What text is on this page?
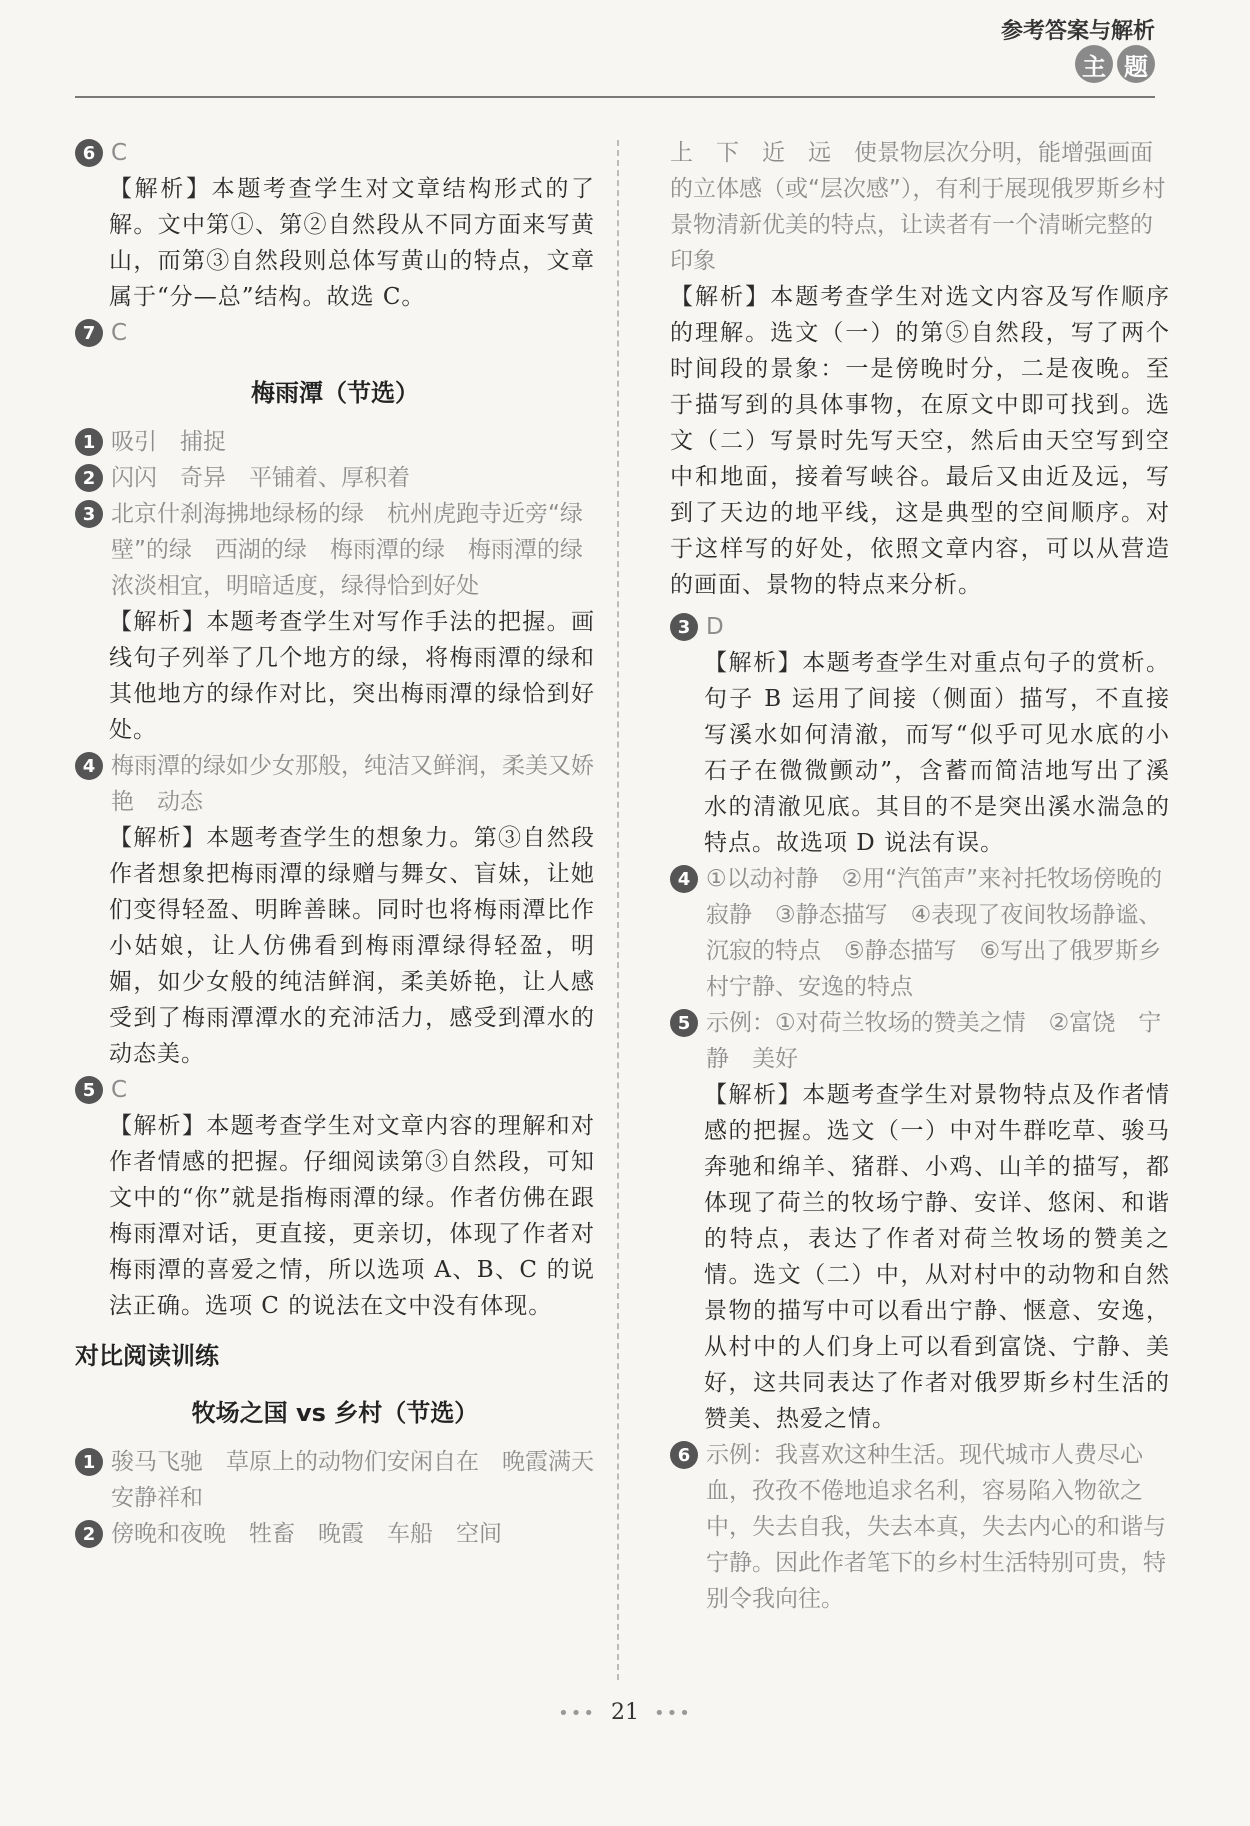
参考答案与解析
主 题
6 C
【解析】本题考查学生对文章结构形式的了解。文中第①、第②自然段从不同方面来写黄山，而第③自然段则总体写黄山的特点，文章属于“分—总”结构。故选 C。
7 C
梅雨潭（节选）
1 吸引　捕捉
2 闪闪　奇异　平铺着、厚积着
3 北京什刹海拂地绿杨的绿　杭州虎跑寺近旁“绿壁”的绿　西湖的绿　梅雨潭的绿　梅雨潭的绿浓淡相宜，明暗适度，绿得恰到好处
【解析】本题考查学生对写作手法的把握。画线句子列举了几个地方的绿，将梅雨潭的绿和其他地方的绿作对比，突出梅雨潭的绿恰到好处。
4 梅雨潭的绿如少女那般，纯洁又鲜润，柔美又娇艳　动态
【解析】本题考查学生的想象力。第③自然段作者想象把梅雨潭的绿赠与舞女、盲妹，让她们变得轻盈、明眸善睐。同时也将梅雨潭比作小姑娘，让人仿佛看到梅雨潭绿得轻盈，明媚，如少女般的纯洁鲜润，柔美娇艳，让人感受到了梅雨潭潭水的充沛活力，感受到潭水的动态美。
5 C
【解析】本题考查学生对文章内容的理解和对作者情感的把握。仔细阅读第③自然段，可知文中的“你”就是指梅雨潭的绿。作者仿佛在跟梅雨潭对话，更直接，更亲切，体现了作者对梅雨潭的喜爱之情，所以选项 A、B、C 的说法正确。选项 C 的说法在文中没有体现。
对比阅读训练
牧场之国 vs 乡村（节选）
1 骏马飞驰　草原上的动物们安闲自在　晚霞满天　安静祥和
2 傍晚和夜晚　牲畜　晚霞　车船　空间
上　下　近　远　使景物层次分明，能增强画面的立体感（或“层次感”），有利于展现俄罗斯乡村景物清新优美的特点，让读者有一个清晰完整的印象
【解析】本题考查学生对选文内容及写作顺序的理解。选文（一）的第⑤自然段，写了两个时间段的景象：一是傍晚时分，二是夜晚。至于描写到的具体事物，在原文中即可找到。选文（二）写景时先写天空，然后由天空写到空中和地面，接着写峡谷。最后又由近及远，写到了天边的地平线，这是典型的空间顺序。对于这样写的好处，依照文章内容，可以从营造的画面、景物的特点来分析。
3 D
【解析】本题考查学生对重点句子的赏析。句子 B 运用了间接（侧面）描写，不直接写溪水如何清澈，而写“似乎可见水底的小石子在微微颤动”，含蓄而简洁地写出了溪水的清澈见底。其目的不是突出溪水湍急的特点。故选项 D 说法有误。
4 ①以动衬静　②用“汽笛声”来衬托牧场傍晚的寂静　③静态描写　④表现了夜间牧场静谧、沉寂的特点　⑤静态描写　⑥写出了俄罗斯乡村宁静、安逸的特点
5 示例：①对荷兰牧场的赞美之情　②富饶　宁静　美好
【解析】本题考查学生对景物特点及作者情感的把握。选文（一）中对牛群吃草、骏马奔驰和绵羊、猪群、小鸡、山羊的描写，都体现了荷兰的牧场宁静、安详、悠闲、和谐的特点，表达了作者对荷兰牧场的赞美之情。选文（二）中，从对村中的动物和自然景物的描写中可以看出宁静、惬意、安逸，从村中的人们身上可以看到富饶、宁静、美好，这共同表达了作者对俄罗斯乡村生活的赞美、热爱之情。
6 示例：我喜欢这种生活。现代城市人费尽心血，孜孜不倦地追求名利，容易陷入物欲之中，失去自我，失去本真，失去内心的和谐与宁静。因此作者笔下的乡村生活特别可贵，特别令我向往。
••• 21 •••
